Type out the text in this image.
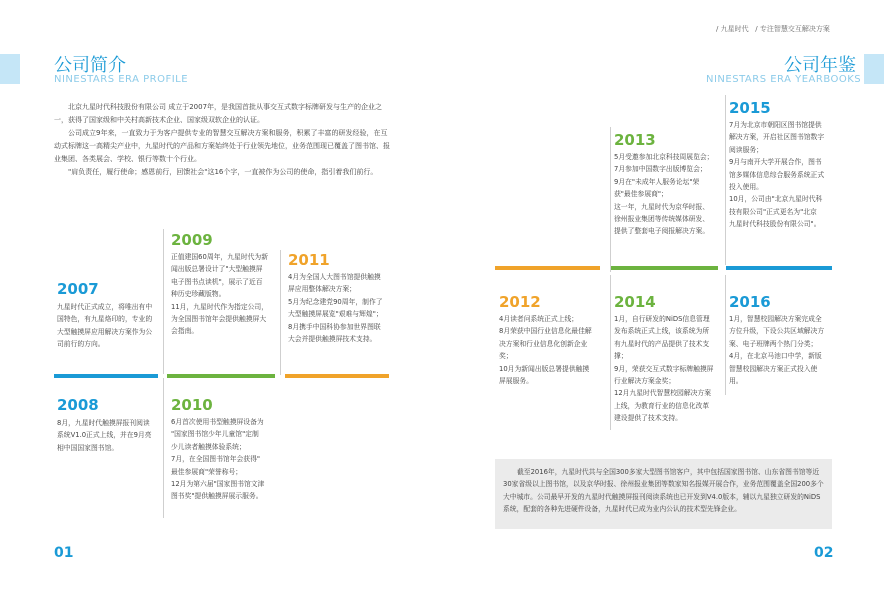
/ 九星时代   / 专注智慧交互解决方案
公司简介
NINESTARS ERA PROFILE
公司年鉴
NINESTARS ERA YEARBOOKS
北京九星时代科技股份有限公司 成立于2007年，是我国首批从事交互式数字标牌研发与生产的企业之一，获得了国家级和中关村高新技术企业、国家级双软企业的认证。
公司成立9年来，一直致力于为客户提供专业的智慧交互解决方案和服务，积累了丰富的研发经验，在互动式标牌这一高精尖产业中，九星时代的产品和方案始终处于行业领先地位，业务范围现已覆盖了图书馆、报业集团、各类展会、学校、银行等数十个行业。
"肩负责任，履行使命；感恩前行，回馈社会"这16个字，一直被作为公司的使命，指引着我们前行。
2007
九星时代正式成立，将唯出有中
国特色，有九星烙印的，专业的
大型触摸屏应用解决方案作为公
司前行的方向。
2008
8月，九星时代触摸屏报刊阅读
系统V1.0正式上线，并在9月亮
相中国国家图书馆。
2009
正值建国60周年，九星时代为新
闻出版总署设计了"大型触摸屏
电子图书点读机"，展示了近百
种历史珍藏版物。
11月，九星时代作为指定公司，
为全国图书馆年会提供触摸屏大
会指南。
2010
6月首次使用书型触摸屏设备为
"国家图书馆少年儿童馆"定制
少儿读者触摸体验系统；
7月，在全国图书馆年会获得"
最佳参展商"荣誉称号；
12月为第六届"国家图书馆文津
图书奖"提供触摸屏展示服务。
2011
4月为全国人大图书馆提供触摸
屏应用整体解决方案；
5月为纪念建党90周年，制作了
大型触摸屏展览"艰难与辉煌"；
8月携手中国科协参加世界图联
大会并提供触摸屏技术支持。
2012
4月读者问系统正式上线；
8月荣获中国行业信息化最佳解
决方案和行业信息化创新企业
奖；
10月为新闻出版总署提供触摸
屏展服务。
2013
5月受邀参加北京科技周展览会；
7月参加中国数字出版博览会；
9月在"未成年人服务论坛"荣
获"最佳参展商"；
这一年，九星时代为京华时报、
徐州报业集团等传统媒体研发、
提供了整套电子阅报解决方案。
2014
1月，自行研发的NiDS信息管理
发布系统正式上线，该系统为所
有九星时代的产品提供了技术支
撑；
9月，荣获交互式数字标牌触摸屏
行业解决方案金奖；
12月九星时代智慧校园解决方案
上线，为教育行业的信息化改革
建设提供了技术支持。
2015
7月为北京市朝阳区图书馆提供
解决方案，开启社区图书馆数字
阅读服务；
9月与南开大学开展合作，图书
馆多媒体信息综合服务系统正式
投入使用。
10月，公司由"北京九星时代科
技有限公司"正式更名为"北京
九星时代科技股份有限公司"。
2016
1月，智慧校园解决方案完成全
方位升级，下设公共区域解决方
案、电子班牌两个热门分类；
4月，在北京马池口中学，新版
智慧校园解决方案正式投入使
用。
截至2016年，九星时代共与全国300多家大型图书馆客户，其中包括国家图书馆、山东省图书馆等近30家省级以上图书馆，以及京华时报、徐州报业集团等数家知名报媒开展合作，业务范围覆盖全国200多个大中城市。公司最早开发的九星时代触摸屏报刊阅读系统也已开发到V4.0版本，辅以九星独立研发的NiDS系统，配套的各种先进硬件设备，九星时代已成为业内公认的技术型先锋企业。
01	02
